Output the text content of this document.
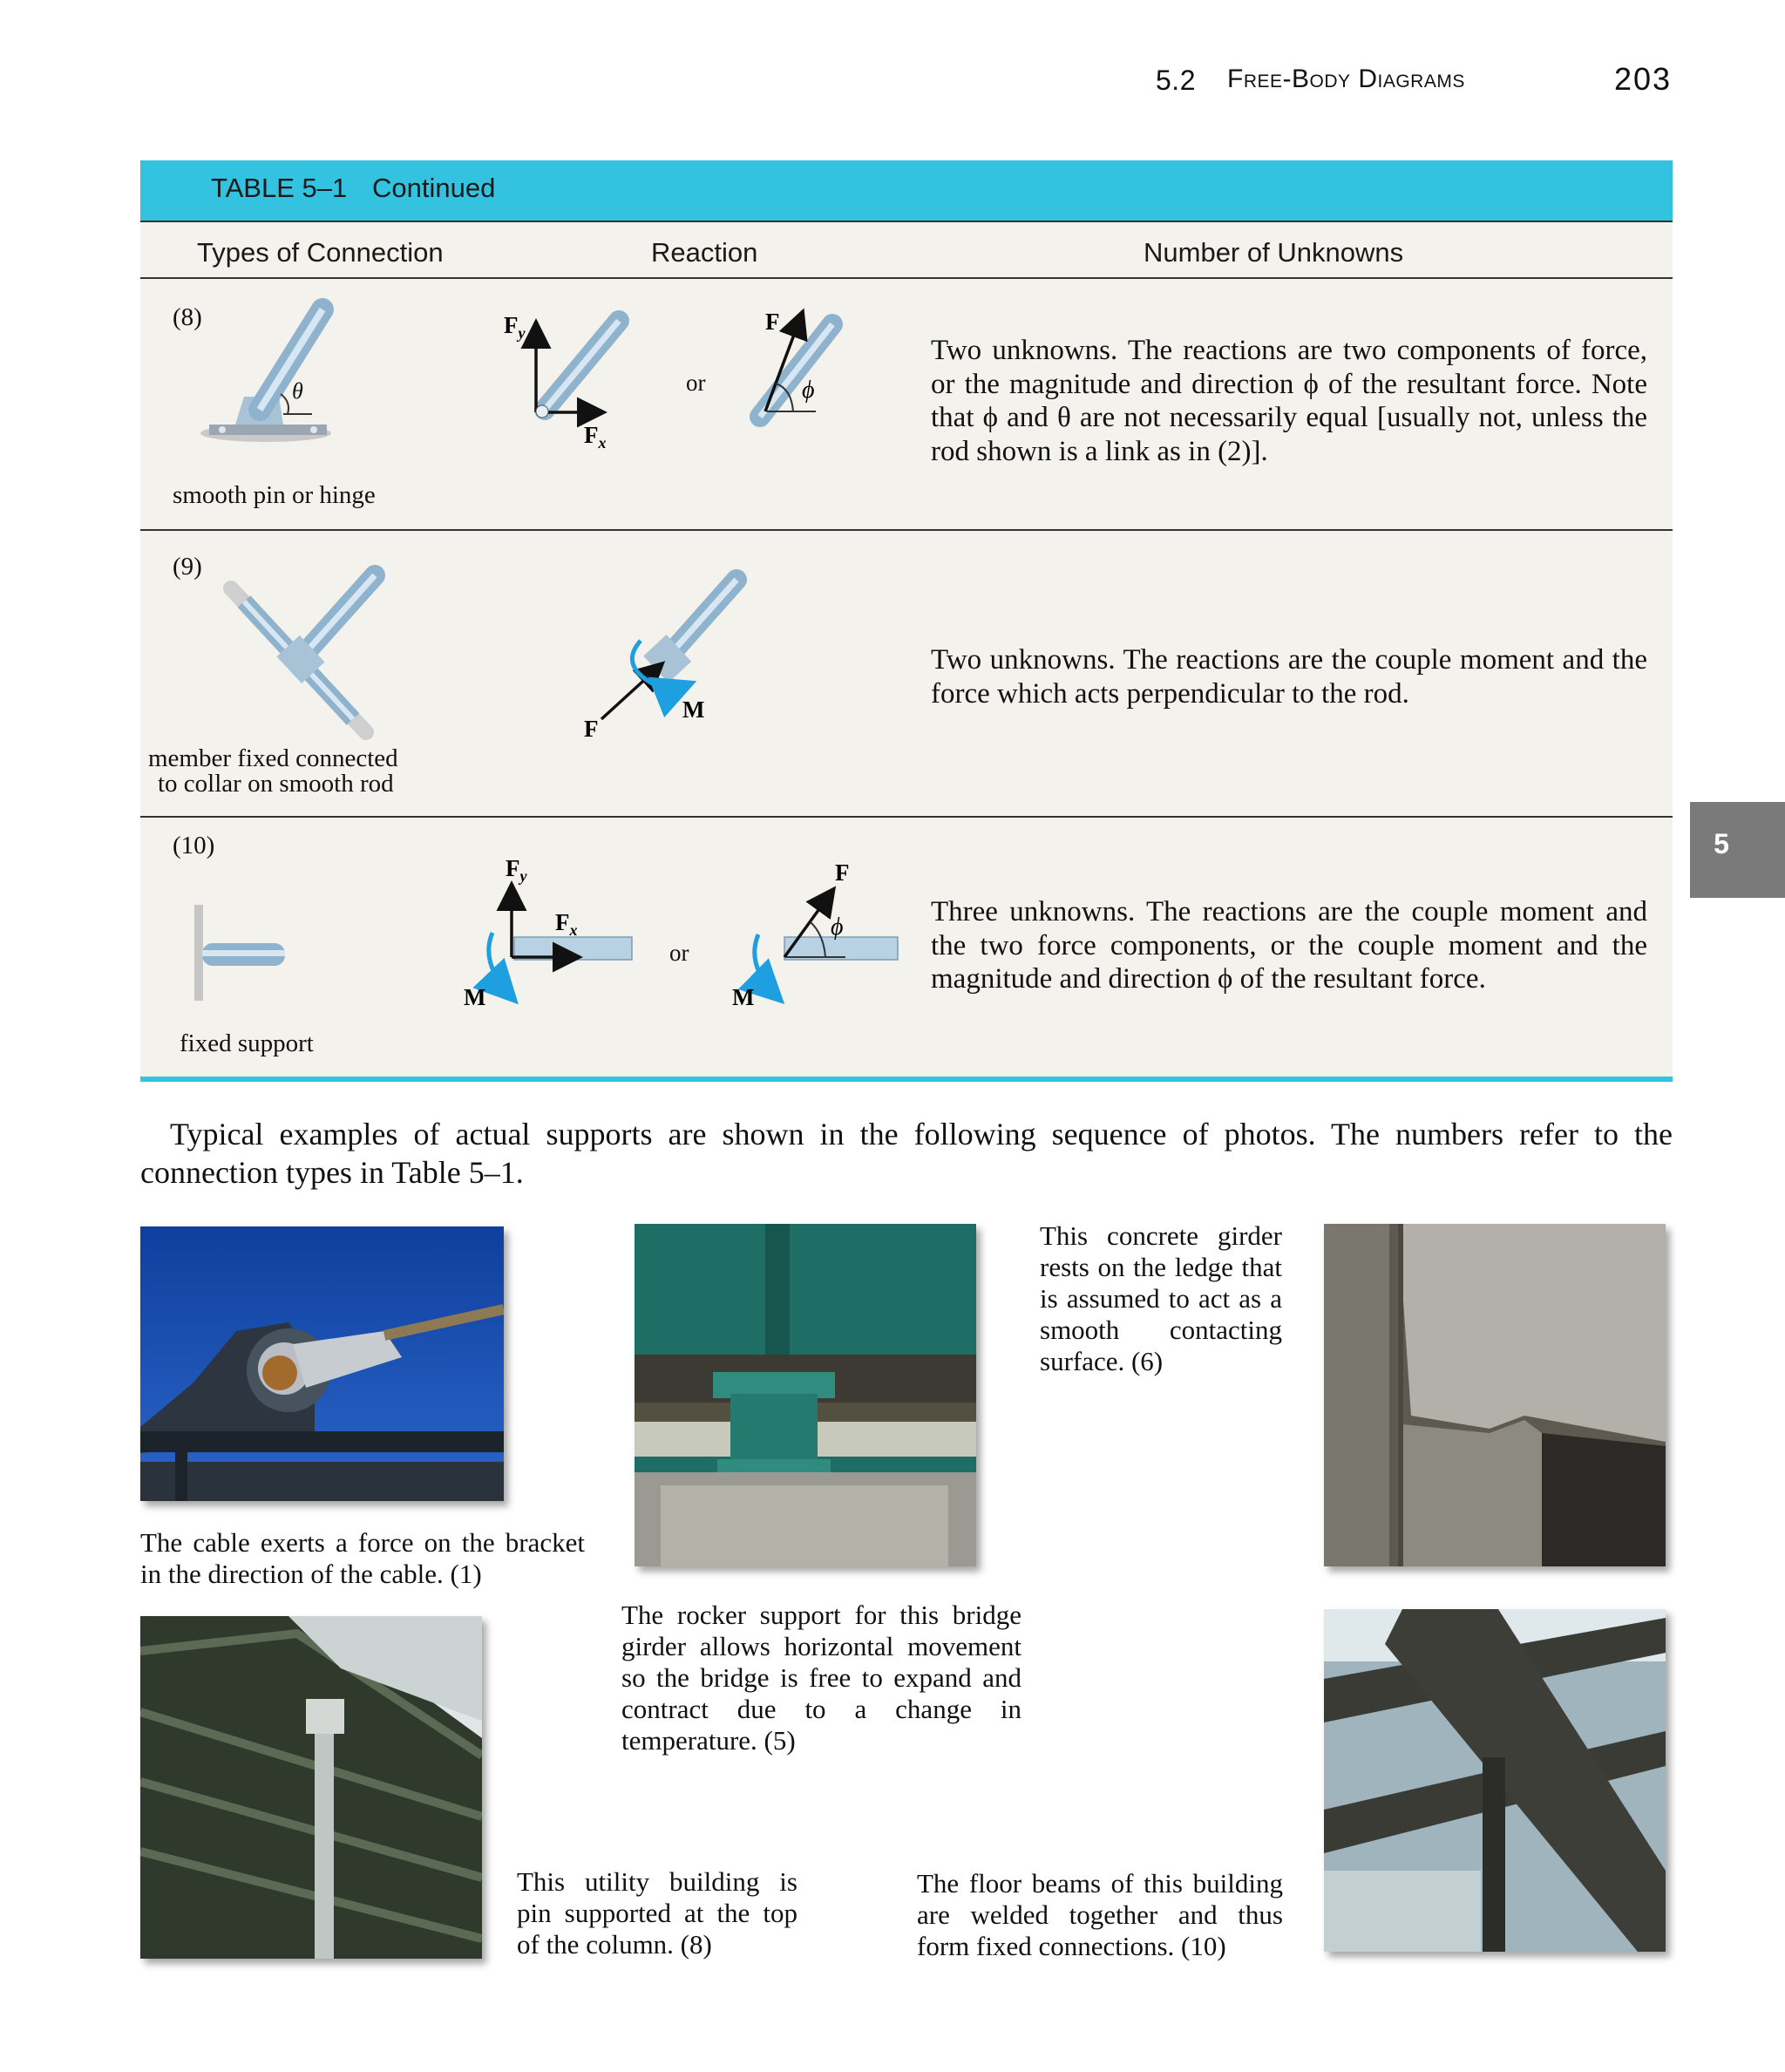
5.2 Free-Body Diagrams	203
TABLE 5–1 Continued
Types of Connection	Reaction	Number of Unknowns
(8)
θ
smooth pin or hinge
$F_y$
$F_x$
or
F
ϕ
Two unknowns. The reactions are two components of force, or the magnitude and direction ϕ of the resultant force. Note that ϕ and θ are not necessarily equal [usually not, unless the rod shown is a link as in (2)].
(9)
member fixed connected
to collar on smooth rod
F
M
Two unknowns. The reactions are the couple moment and the force which acts perpendicular to the rod.
(10)
fixed support
$F_y$
$F_x$
M
or
F
ϕ
M
Three unknowns. The reactions are the couple moment and the two force components, or the couple moment and the magnitude and direction ϕ of the resultant force.
5
Typical examples of actual supports are shown in the following sequence of photos. The numbers refer to the connection types in Table 5–1.
The cable exerts a force on the bracket in the direction of the cable. (1)
The rocker support for this bridge girder allows horizontal movement so the bridge is free to expand and contract due to a change in temperature. (5)
This concrete girder rests on the ledge that is assumed to act as a smooth contacting surface. (6)
This utility building is pin supported at the top of the column. (8)
The floor beams of this building are welded together and thus form fixed connections. (10)
